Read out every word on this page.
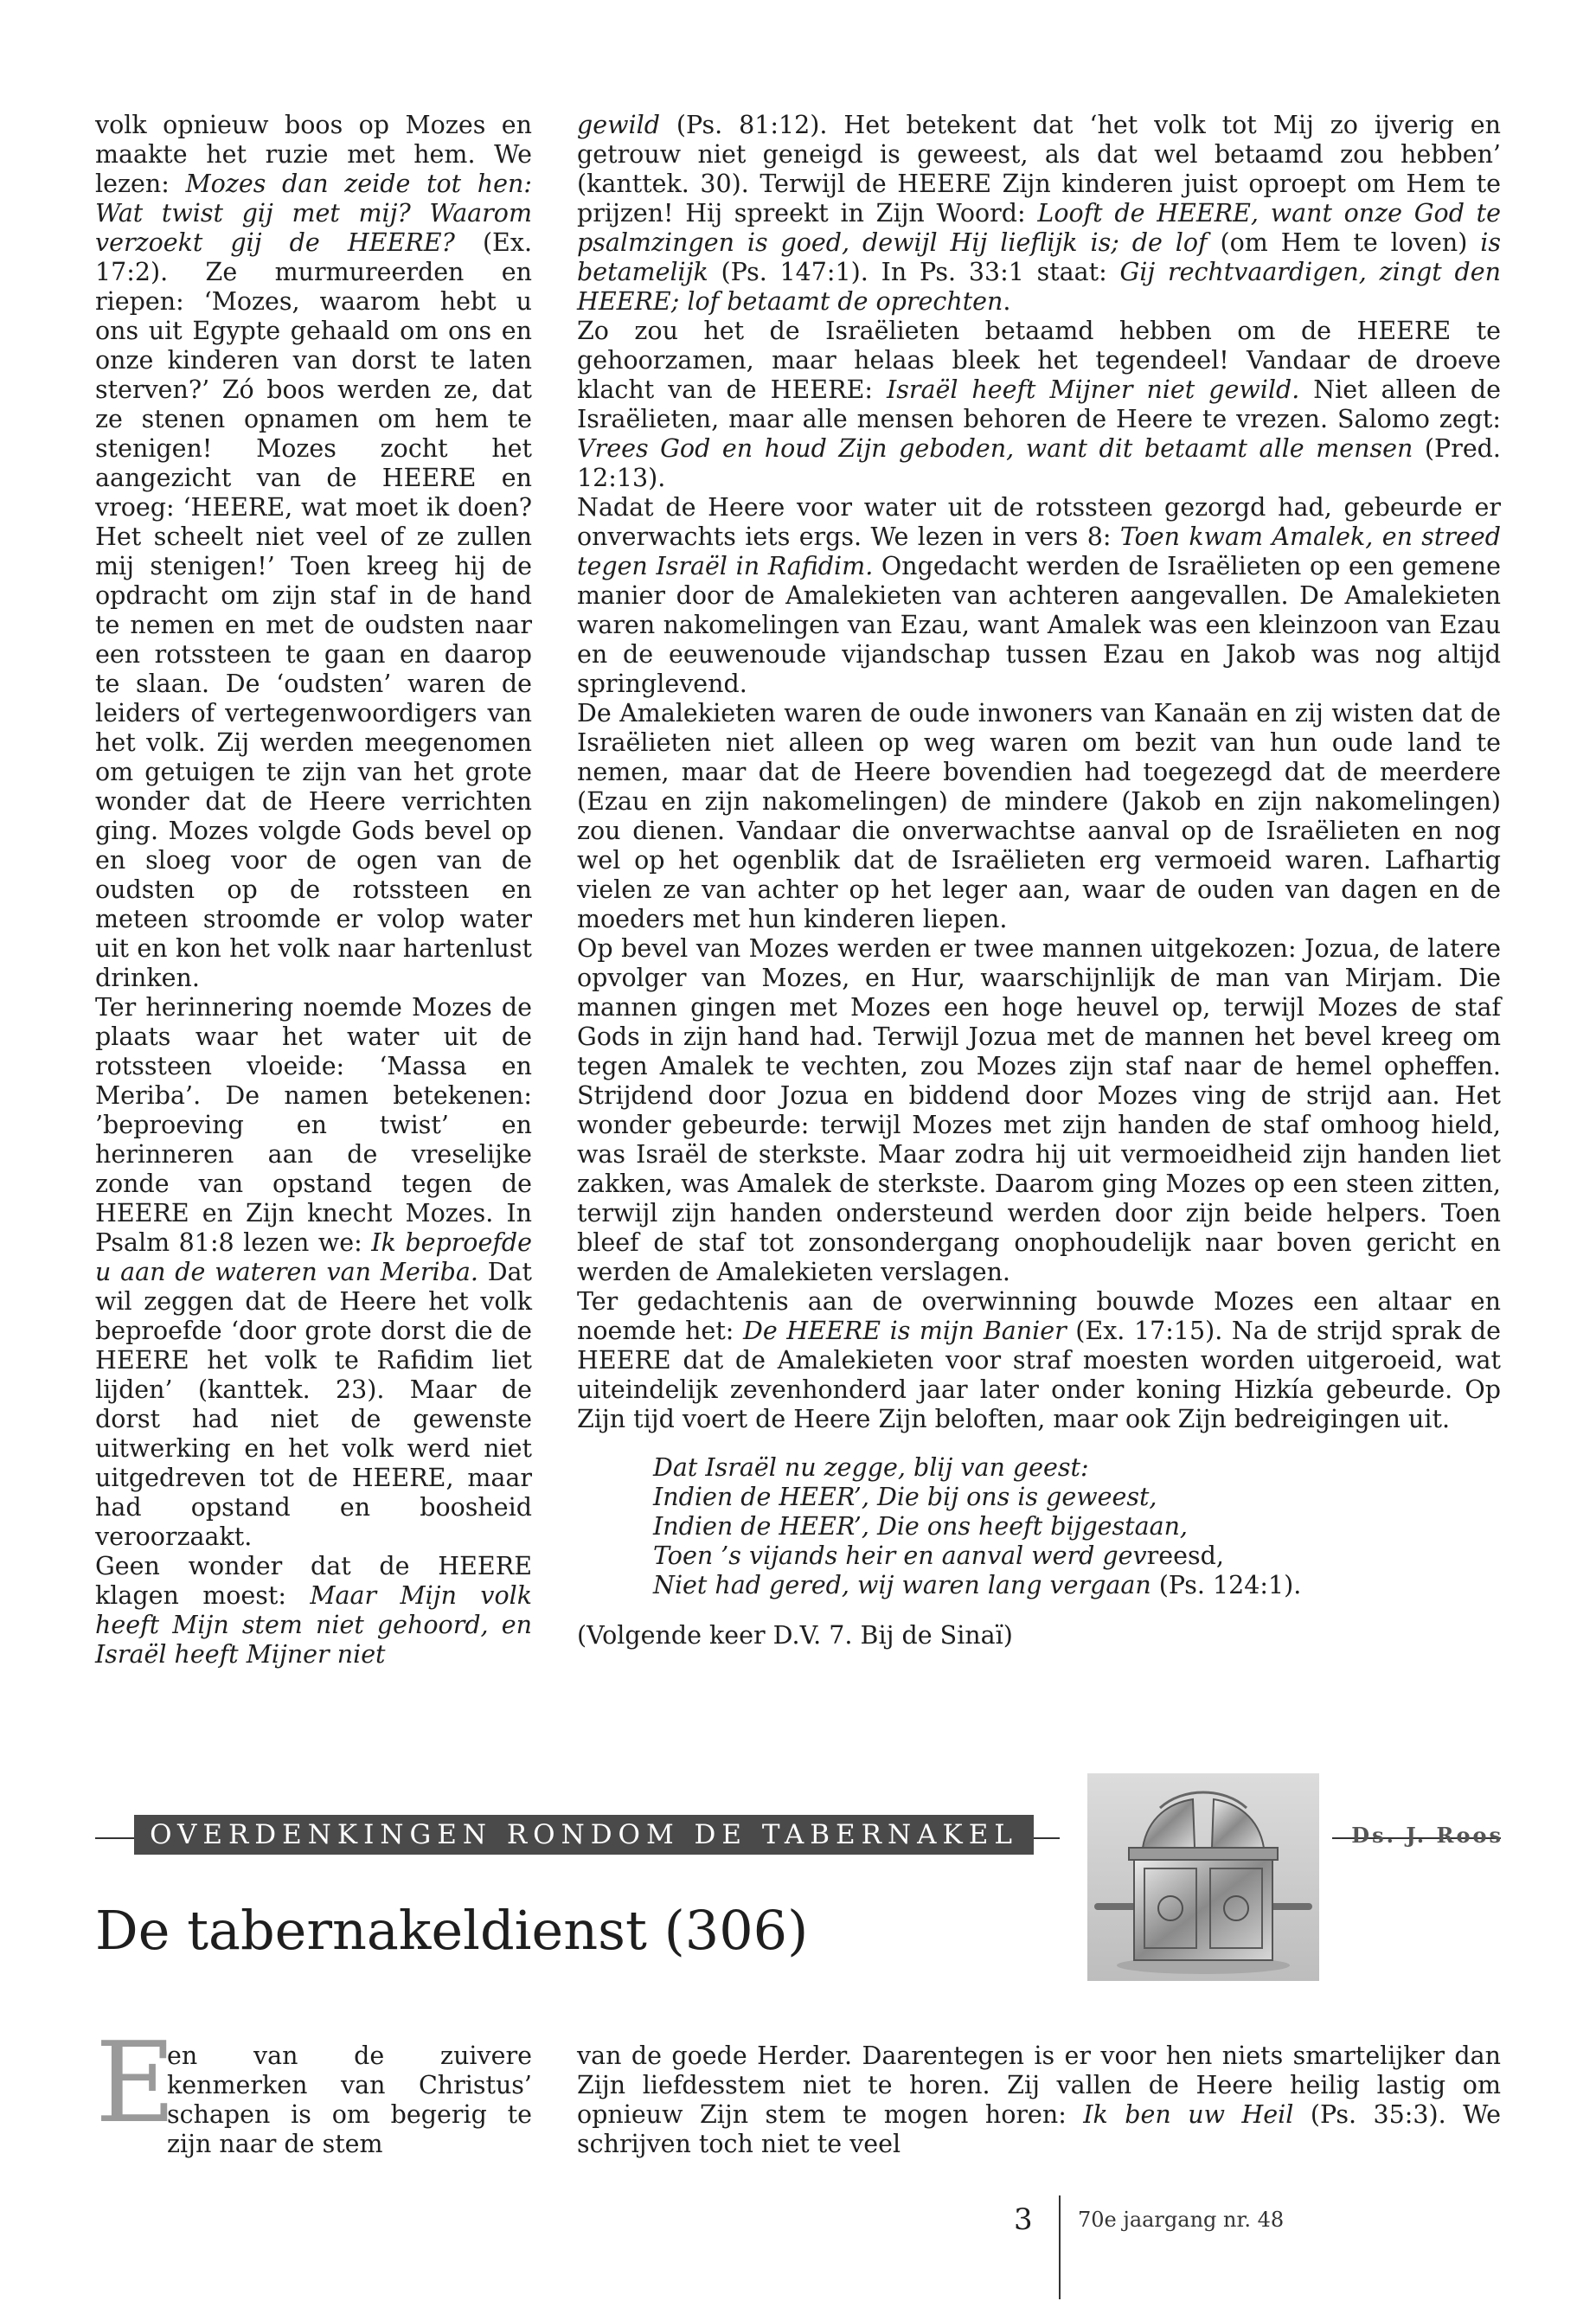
volk opnieuw boos op Mozes en maakte het ruzie met hem. We lezen: Mozes dan zeide tot hen: Wat twist gij met mij? Waarom verzoekt gij de HEERE? (Ex. 17:2). Ze murmureerden en riepen: ‘Mozes, waarom hebt u ons uit Egypte gehaald om ons en onze kinderen van dorst te laten sterven?’ Zó boos werden ze, dat ze stenen opnamen om hem te stenigen! Mozes zocht het aangezicht van de HEERE en vroeg: ‘HEERE, wat moet ik doen? Het scheelt niet veel of ze zullen mij stenigen!’ Toen kreeg hij de opdracht om zijn staf in de hand te nemen en met de oudsten naar een rotssteen te gaan en daarop te slaan. De ‘oudsten’ waren de leiders of vertegenwoordigers van het volk. Zij werden meegenomen om getuigen te zijn van het grote wonder dat de Heere verrichten ging. Mozes volgde Gods bevel op en sloeg voor de ogen van de oudsten op de rotssteen en meteen stroomde er volop water uit en kon het volk naar hartenlust drinken.

Ter herinnering noemde Mozes de plaats waar het water uit de rotssteen vloeide: ‘Massa en Meriba’. De namen betekenen: ’beproeving en twist’ en herinneren aan de vreselijke zonde van opstand tegen de HEERE en Zijn knecht Mozes. In Psalm 81:8 lezen we: Ik beproefde u aan de wateren van Meriba. Dat wil zeggen dat de Heere het volk beproefde ‘door grote dorst die de HEERE het volk te Rafidim liet lijden’ (kanttek. 23). Maar de dorst had niet de gewenste uitwerking en het volk werd niet uitgedreven tot de HEERE, maar had opstand en boosheid veroorzaakt.

Geen wonder dat de HEERE klagen moest: Maar Mijn volk heeft Mijn stem niet gehoord, en Israël heeft Mijner niet

gewild (Ps. 81:12). Het betekent dat ‘het volk tot Mij zo ijverig en getrouw niet geneigd is geweest, als dat wel betaamd zou hebben’ (kanttek. 30). Terwijl de HEERE Zijn kinderen juist oproept om Hem te prijzen! Hij spreekt in Zijn Woord: Looft de HEERE, want onze God te psalmzingen is goed, dewijl Hij lieflijk is; de lof (om Hem te loven) is betamelijk (Ps. 147:1). In Ps. 33:1 staat: Gij rechtvaardigen, zingt den HEERE; lof betaamt de oprechten.

Zo zou het de Israëlieten betaamd hebben om de HEERE te gehoorzamen, maar helaas bleek het tegendeel! Vandaar de droeve klacht van de HEERE: Israël heeft Mijner niet gewild. Niet alleen de Israëlieten, maar alle mensen behoren de Heere te vrezen. Salomo zegt: Vrees God en houd Zijn geboden, want dit betaamt alle mensen (Pred. 12:13).

Nadat de Heere voor water uit de rotssteen gezorgd had, gebeurde er onverwachts iets ergs. We lezen in vers 8: Toen kwam Amalek, en streed tegen Israël in Rafidim. Ongedacht werden de Israëlieten op een gemene manier door de Amalekieten van achteren aangevallen. De Amalekieten waren nakomelingen van Ezau, want Amalek was een kleinzoon van Ezau en de eeuwenoude vijandschap tussen Ezau en Jakob was nog altijd springlevend.

De Amalekieten waren de oude inwoners van Kanaän en zij wisten dat de Israëlieten niet alleen op weg waren om bezit van hun oude land te nemen, maar dat de Heere bovendien had toegezegd dat de meerdere (Ezau en zijn nakomelingen) de mindere (Jakob en zijn nakomelingen) zou dienen. Vandaar die onverwachtse aanval op de Israëlieten en nog wel op het ogenblik dat de Israëlieten erg vermoeid waren. Lafhartig vielen ze van achter op het leger aan, waar de ouden van dagen en de moeders met hun kinderen liepen.

Op bevel van Mozes werden er twee mannen uitgekozen: Jozua, de latere opvolger van Mozes, en Hur, waarschijnlijk de man van Mirjam. Die mannen gingen met Mozes een hoge heuvel op, terwijl Mozes de staf Gods in zijn hand had. Terwijl Jozua met de mannen het bevel kreeg om tegen Amalek te vechten, zou Mozes zijn staf naar de hemel opheffen. Strijdend door Jozua en biddend door Mozes ving de strijd aan. Het wonder gebeurde: terwijl Mozes met zijn handen de staf omhoog hield, was Israël de sterkste. Maar zodra hij uit vermoeidheid zijn handen liet zakken, was Amalek de sterkste. Daarom ging Mozes op een steen zitten, terwijl zijn handen ondersteund werden door zijn beide helpers. Toen bleef de staf tot zonsondergang onophoudelijk naar boven gericht en werden de Amalekieten verslagen.

Ter gedachtenis aan de overwinning bouwde Mozes een altaar en noemde het: De HEERE is mijn Banier (Ex. 17:15). Na de strijd sprak de HEERE dat de Amalekieten voor straf moesten worden uitgeroeid, wat uiteindelijk zevenhonderd jaar later onder koning Hizkía gebeurde. Op Zijn tijd voert de Heere Zijn beloften, maar ook Zijn bedreigingen uit.

Dat Israël nu zegge, blij van geest:
Indien de HEER’, Die bij ons is geweest,
Indien de HEER’, Die ons heeft bijgestaan,
Toen ’s vijands heir en aanval werd gevreesd,
Niet had gered, wij waren lang vergaan (Ps. 124:1).

(Volgende keer D.V. 7. Bij de Sinaï)

OVERDENKINGEN RONDOM DE TABERNAKEL	Ds. J. Roos
De tabernakeldienst (306)
E
en van de zuivere kenmerken van Christus’ schapen is om begerig te zijn naar de stem

van de goede Herder. Daarentegen is er voor hen niets smartelijker dan Zijn liefdesstem niet te horen. Zij vallen de Heere heilig lastig om opnieuw Zijn stem te mogen horen: Ik ben uw Heil (Ps. 35:3). We schrijven toch niet te veel

3 70e jaargang nr. 48
